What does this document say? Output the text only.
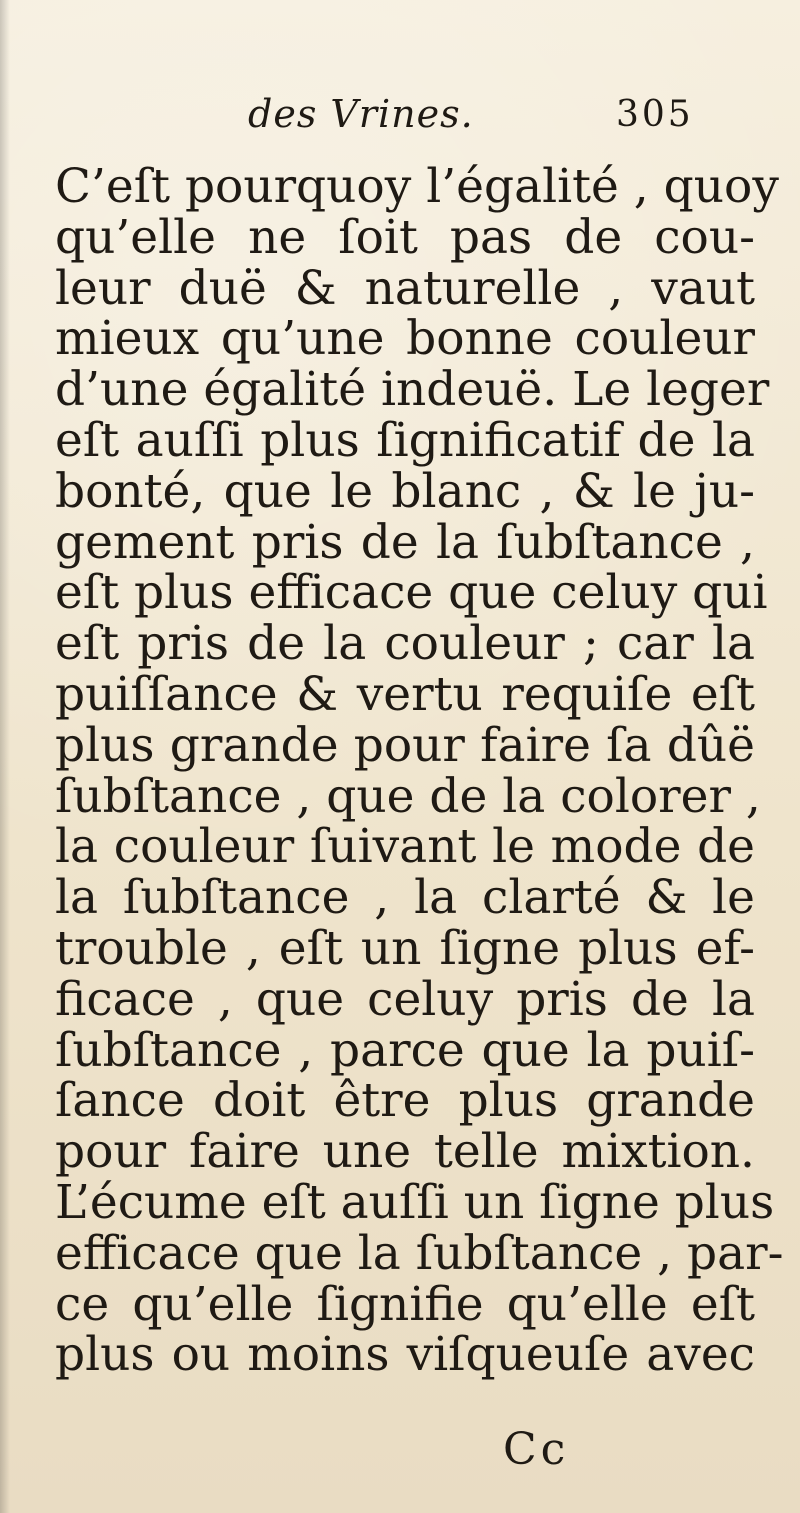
des Vrines.	305
C’eſt pourquoy l’égalité , quoy
qu’elle ne ſoit pas de cou-
leur duë & naturelle , vaut
mieux qu’une bonne couleur
d’une égalité indeuë. Le leger
eſt auſſi plus ſignificatif de la
bonté, que le blanc , & le ju-
gement pris de la ſubſtance ,
eſt plus efficace que celuy qui
eſt pris de la couleur ; car la
puiſſance & vertu requiſe eſt
plus grande pour faire ſa dûë
ſubſtance , que de la colorer ,
la couleur ſuivant le mode de
la ſubſtance , la clarté & le
trouble , eſt un ſigne plus ef-
ficace , que celuy pris de la
ſubſtance , parce que la puiſ-
ſance doit être plus grande
pour faire une telle mixtion.
L’écume eſt auſſi un ſigne plus
efficace que la ſubſtance , par-
ce qu’elle ſignifie qu’elle eſt
plus ou moins viſqueuſe avec
Cc
